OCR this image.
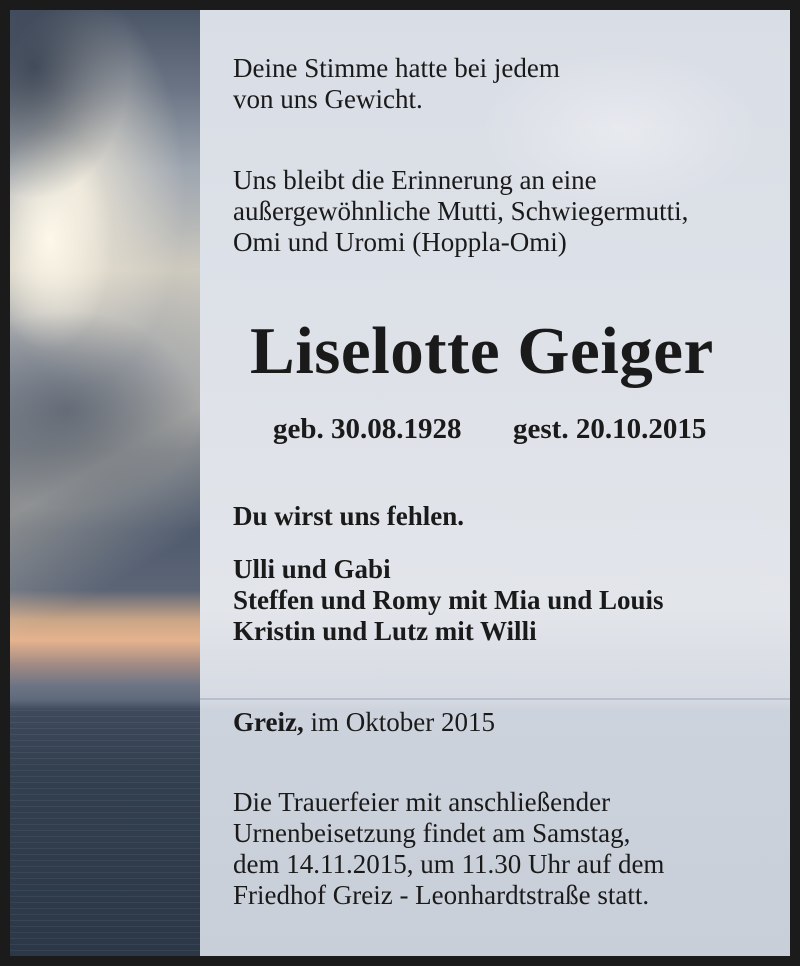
Deine Stimme hatte bei jedem
von uns Gewicht.
Uns bleibt die Erinnerung an eine
außergewöhnliche Mutti, Schwiegermutti,
Omi und Uromi (Hoppla-Omi)
Liselotte Geiger
geb. 30.08.1928 gest. 20.10.2015
Du wirst uns fehlen.
Ulli und Gabi
Steffen und Romy mit Mia und Louis
Kristin und Lutz mit Willi
Greiz, im Oktober 2015
Die Trauerfeier mit anschließender
Urnenbeisetzung findet am Samstag,
dem 14.11.2015, um 11.30 Uhr auf dem
Friedhof Greiz - Leonhardtstraße statt.
